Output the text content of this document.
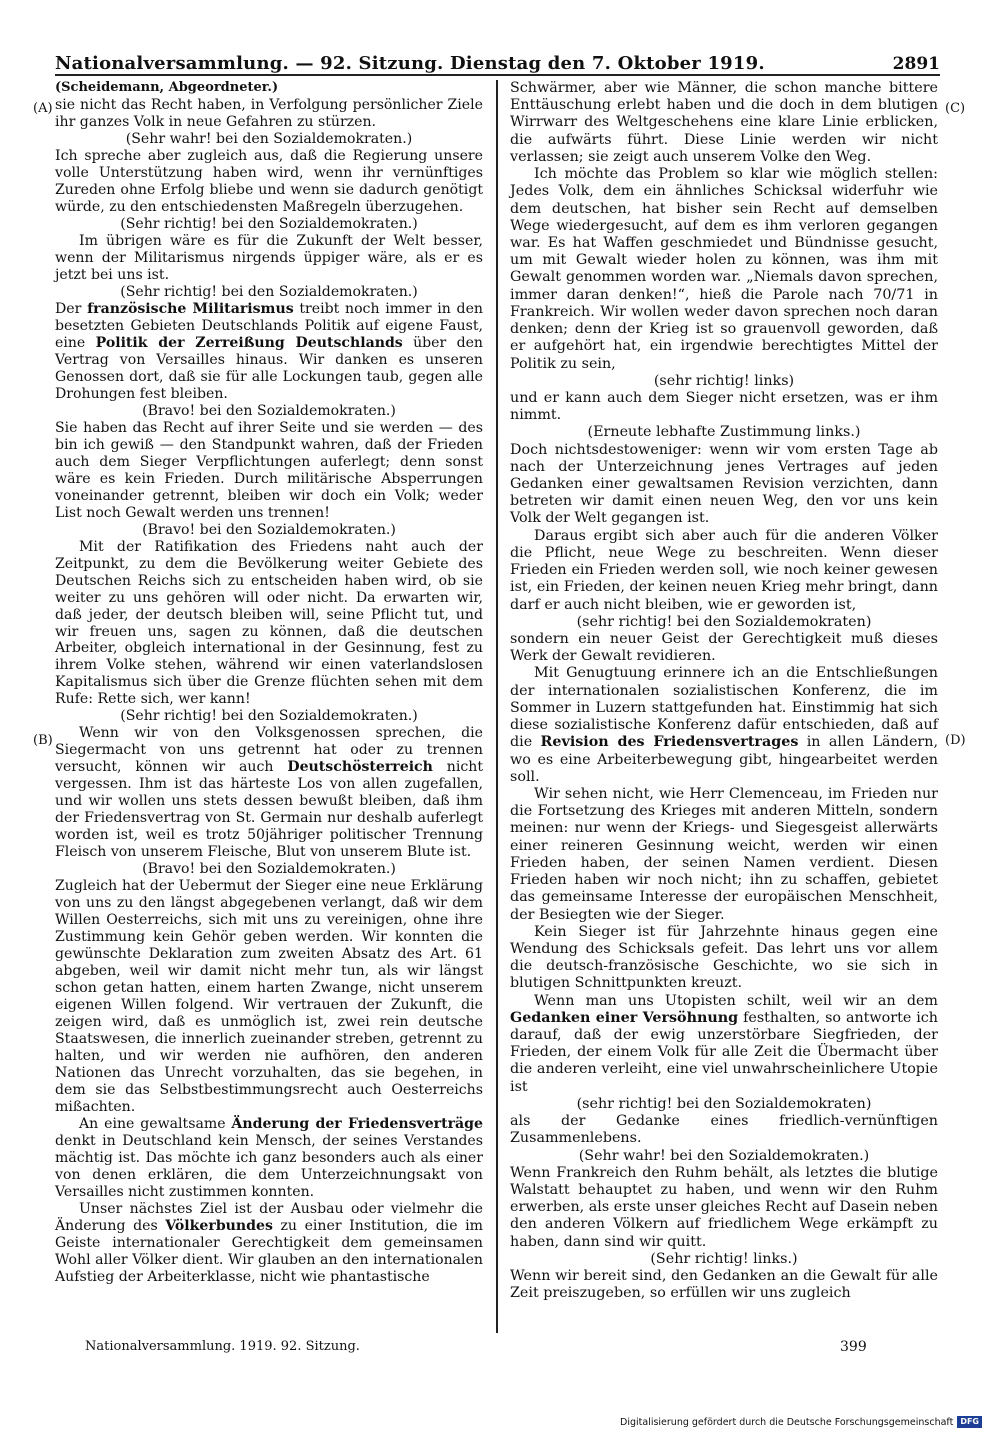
Nationalversammlung. — 92. Sitzung. Dienstag den 7. Oktober 1919.	2891
(A)
(B)
(C)
(D)

(Scheidemann, Abgeordneter.)

sie nicht das Recht haben, in Verfolgung persönlicher Ziele ihr ganzes Volk in neue Gefahren zu stürzen.

(Sehr wahr! bei den Sozialdemokraten.)

Ich spreche aber zugleich aus, daß die Regierung unsere volle Unterstützung haben wird, wenn ihr vernünftiges Zureden ohne Erfolg bliebe und wenn sie dadurch genötigt würde, zu den entschiedensten Maßregeln überzugehen.

(Sehr richtig! bei den Sozialdemokraten.)

Im übrigen wäre es für die Zukunft der Welt besser, wenn der Militarismus nirgends üppiger wäre, als er es jetzt bei uns ist.

(Sehr richtig! bei den Sozialdemokraten.)

Der französische Militarismus treibt noch immer in den besetzten Gebieten Deutschlands Politik auf eigene Faust, eine Politik der Zerreißung Deutschlands über den Vertrag von Versailles hinaus. Wir danken es unseren Genossen dort, daß sie für alle Lockungen taub, gegen alle Drohungen fest bleiben.

(Bravo! bei den Sozialdemokraten.)

Sie haben das Recht auf ihrer Seite und sie werden — des bin ich gewiß — den Standpunkt wahren, daß der Frieden auch dem Sieger Verpflichtungen auferlegt; denn sonst wäre es kein Frieden. Durch militärische Absperrungen voneinander getrennt, bleiben wir doch ein Volk; weder List noch Gewalt werden uns trennen!

(Bravo! bei den Sozialdemokraten.)

Mit der Ratifikation des Friedens naht auch der Zeitpunkt, zu dem die Bevölkerung weiter Gebiete des Deutschen Reichs sich zu entscheiden haben wird, ob sie weiter zu uns gehören will oder nicht. Da erwarten wir, daß jeder, der deutsch bleiben will, seine Pflicht tut, und wir freuen uns, sagen zu können, daß die deutschen Arbeiter, obgleich international in der Gesinnung, fest zu ihrem Volke stehen, während wir einen vaterlandslosen Kapitalismus sich über die Grenze flüchten sehen mit dem Rufe: Rette sich, wer kann!

(Sehr richtig! bei den Sozialdemokraten.)

Wenn wir von den Volksgenossen sprechen, die Siegermacht von uns getrennt hat oder zu trennen versucht, können wir auch Deutschösterreich nicht vergessen. Ihm ist das härteste Los von allen zugefallen, und wir wollen uns stets dessen bewußt bleiben, daß ihm der Friedensvertrag von St. Germain nur deshalb auferlegt worden ist, weil es trotz 50jähriger politischer Trennung Fleisch von unserem Fleische, Blut von unserem Blute ist.

(Bravo! bei den Sozialdemokraten.)

Zugleich hat der Uebermut der Sieger eine neue Erklärung von uns zu den längst abgegebenen verlangt, daß wir dem Willen Oesterreichs, sich mit uns zu vereinigen, ohne ihre Zustimmung kein Gehör geben werden. Wir konnten die gewünschte Deklaration zum zweiten Absatz des Art. 61 abgeben, weil wir damit nicht mehr tun, als wir längst schon getan hatten, einem harten Zwange, nicht unserem eigenen Willen folgend. Wir vertrauen der Zukunft, die zeigen wird, daß es unmöglich ist, zwei rein deutsche Staatswesen, die innerlich zueinander streben, getrennt zu halten, und wir werden nie aufhören, den anderen Nationen das Unrecht vorzuhalten, das sie begehen, in dem sie das Selbstbestimmungsrecht auch Oesterreichs mißachten.

An eine gewaltsame Änderung der Friedensverträge denkt in Deutschland kein Mensch, der seines Verstandes mächtig ist. Das möchte ich ganz besonders auch als einer von denen erklären, die dem Unterzeichnungsakt von Versailles nicht zustimmen konnten.

Unser nächstes Ziel ist der Ausbau oder vielmehr die Änderung des Völkerbundes zu einer Institution, die im Geiste internationaler Gerechtigkeit dem gemeinsamen Wohl aller Völker dient. Wir glauben an den internationalen Aufstieg der Arbeiterklasse, nicht wie phantastische

Schwärmer, aber wie Männer, die schon manche bittere Enttäuschung erlebt haben und die doch in dem blutigen Wirrwarr des Weltgeschehens eine klare Linie erblicken, die aufwärts führt. Diese Linie werden wir nicht verlassen; sie zeigt auch unserem Volke den Weg.

Ich möchte das Problem so klar wie möglich stellen: Jedes Volk, dem ein ähnliches Schicksal widerfuhr wie dem deutschen, hat bisher sein Recht auf demselben Wege wiedergesucht, auf dem es ihm verloren gegangen war. Es hat Waffen geschmiedet und Bündnisse gesucht, um mit Gewalt wieder holen zu können, was ihm mit Gewalt genommen worden war. „Niemals davon sprechen, immer daran denken!“, hieß die Parole nach 70/71 in Frankreich. Wir wollen weder davon sprechen noch daran denken; denn der Krieg ist so grauenvoll geworden, daß er aufgehört hat, ein irgendwie berechtigtes Mittel der Politik zu sein,

(sehr richtig! links)

und er kann auch dem Sieger nicht ersetzen, was er ihm nimmt.

(Erneute lebhafte Zustimmung links.)

Doch nichtsdestoweniger: wenn wir vom ersten Tage ab nach der Unterzeichnung jenes Vertrages auf jeden Gedanken einer gewaltsamen Revision verzichten, dann betreten wir damit einen neuen Weg, den vor uns kein Volk der Welt gegangen ist.

Daraus ergibt sich aber auch für die anderen Völker die Pflicht, neue Wege zu beschreiten. Wenn dieser Frieden ein Frieden werden soll, wie noch keiner gewesen ist, ein Frieden, der keinen neuen Krieg mehr bringt, dann darf er auch nicht bleiben, wie er geworden ist,

(sehr richtig! bei den Sozialdemokraten)

sondern ein neuer Geist der Gerechtigkeit muß dieses Werk der Gewalt revidieren.

Mit Genugtuung erinnere ich an die Entschließungen der internationalen sozialistischen Konferenz, die im Sommer in Luzern stattgefunden hat. Einstimmig hat sich diese sozialistische Konferenz dafür entschieden, daß auf die Revision des Friedensvertrages in allen Ländern, wo es eine Arbeiterbewegung gibt, hingearbeitet werden soll.

Wir sehen nicht, wie Herr Clemenceau, im Frieden nur die Fortsetzung des Krieges mit anderen Mitteln, sondern meinen: nur wenn der Kriegs- und Siegesgeist allerwärts einer reineren Gesinnung weicht, werden wir einen Frieden haben, der seinen Namen verdient. Diesen Frieden haben wir noch nicht; ihn zu schaffen, gebietet das gemeinsame Interesse der europäischen Menschheit, der Besiegten wie der Sieger.

Kein Sieger ist für Jahrzehnte hinaus gegen eine Wendung des Schicksals gefeit. Das lehrt uns vor allem die deutsch-französische Geschichte, wo sie sich in blutigen Schnittpunkten kreuzt.

Wenn man uns Utopisten schilt, weil wir an dem Gedanken einer Versöhnung festhalten, so antworte ich darauf, daß der ewig unzerstörbare Siegfrieden, der Frieden, der einem Volk für alle Zeit die Übermacht über die anderen verleiht, eine viel unwahrscheinlichere Utopie ist

(sehr richtig! bei den Sozialdemokraten)

als der Gedanke eines friedlich-vernünftigen Zusammenlebens.

(Sehr wahr! bei den Sozialdemokraten.)

Wenn Frankreich den Ruhm behält, als letztes die blutige Walstatt behauptet zu haben, und wenn wir den Ruhm erwerben, als erste unser gleiches Recht auf Dasein neben den anderen Völkern auf friedlichem Wege erkämpft zu haben, dann sind wir quitt.

(Sehr richtig! links.)

Wenn wir bereit sind, den Gedanken an die Gewalt für alle Zeit preiszugeben, so erfüllen wir uns zugleich

Nationalversammlung. 1919. 92. Sitzung.	399
Digitalisierung gefördert durch die Deutsche Forschungsgemeinschaft DFG
